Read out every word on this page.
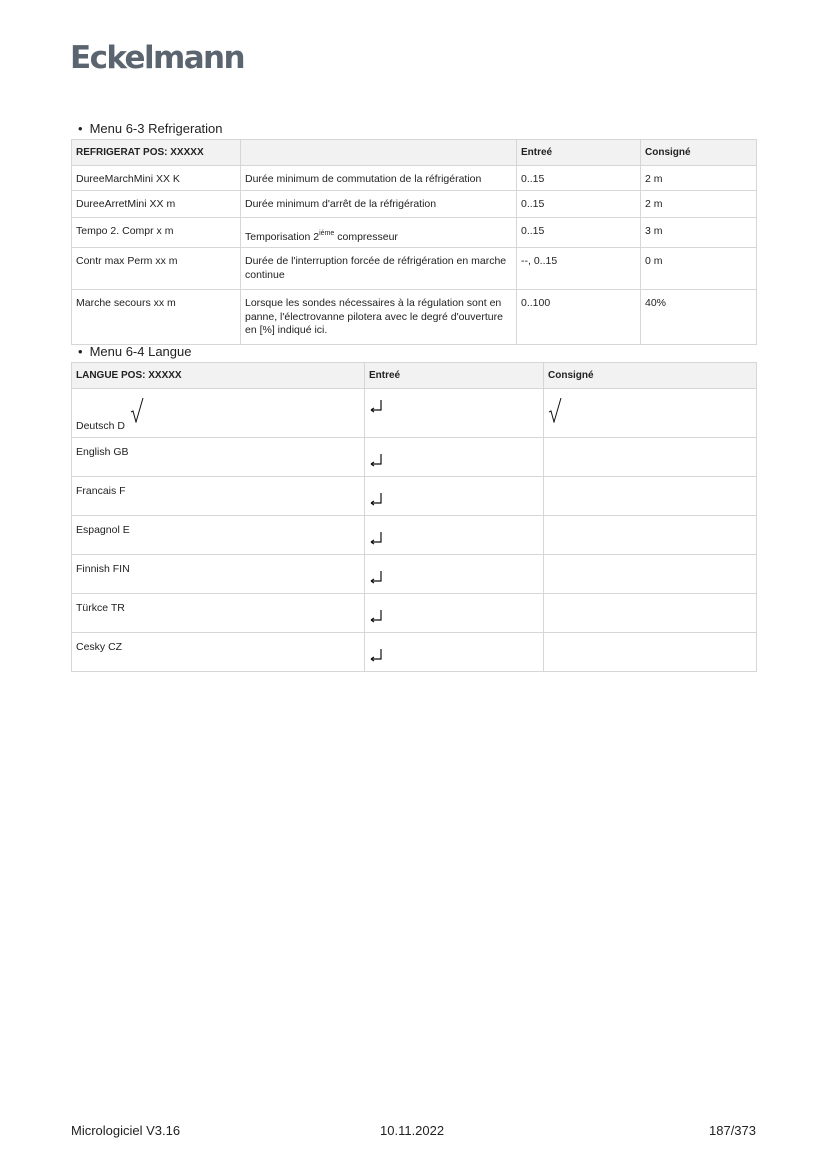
Eckelmann
• Menu 6-3 Refrigeration
REFRIGERAT POS: XXXXX		Entreé	Consigné
DureeMarchMini XX K	Durée minimum de commutation de la réfrigération	0..15	2 m
DureeArretMini XX m	Durée minimum d'arrêt de la réfrigération	0..15	2 m
Tempo 2. Compr x m	Temporisation $2^{iéme}$ compresseur	0..15	3 m
Contr max Perm xx m	Durée de l'interruption forcée de réfrigération en marche continue	--, 0..15	0 m
Marche secours xx m	Lorsque les sondes nécessaires à la régulation sont en panne, l'électrovanne pilotera avec le degré d'ouverture en [%] indiqué ici.	0..100	40%
• Menu 6-4 Langue
LANGUE POS: XXXXX	Entreé	Consigné
Deutsch D		
English GB		
Francais F		
Espagnol E		
Finnish FIN		
Türkce TR		
Cesky CZ		
Micrologiciel V3.16	10.11.2022	187/373
